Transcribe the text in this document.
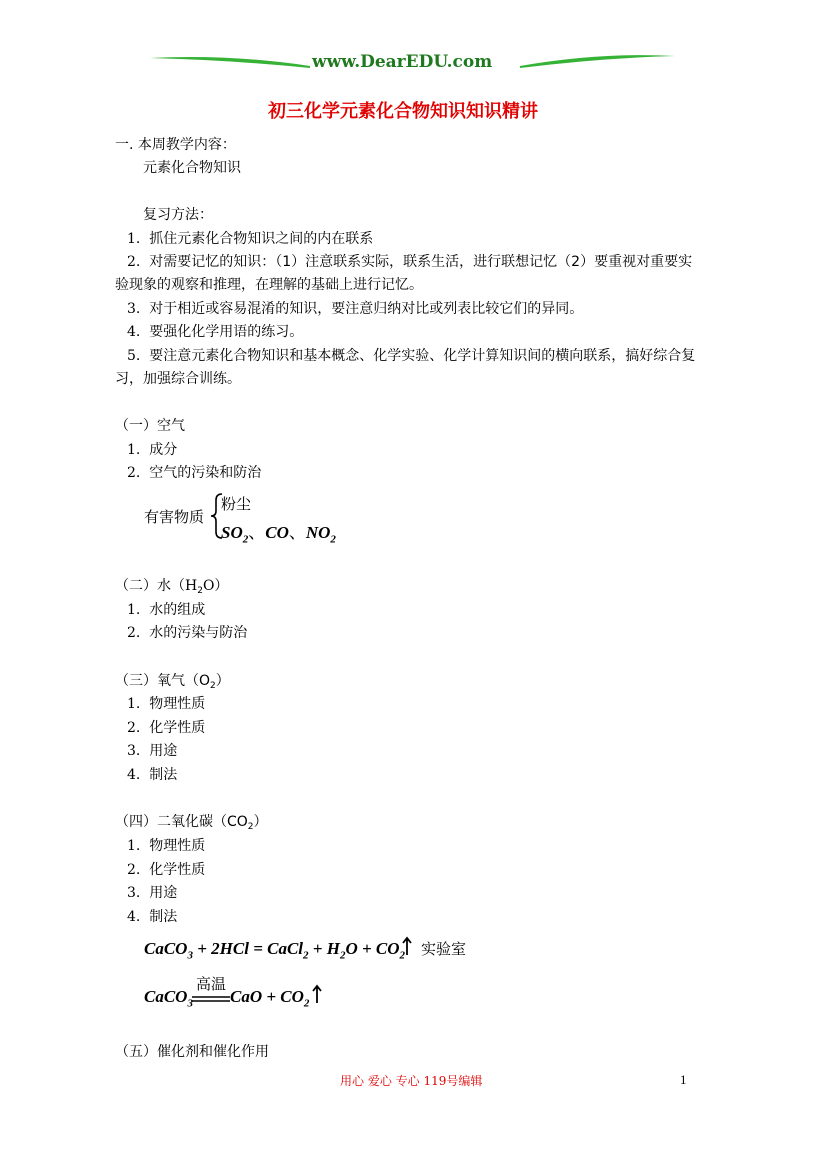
www.DearEDU.com
初三化学元素化合物知识知识精讲
一. 本周教学内容：
元素化合物知识
复习方法：
1. 抓住元素化合物知识之间的内在联系
2. 对需要记忆的知识：（1）注意联系实际，联系生活，进行联想记忆（2）要重视对重要实
验现象的观察和推理，在理解的基础上进行记忆。
3. 对于相近或容易混淆的知识，要注意归纳对比或列表比较它们的异同。
4. 要强化化学用语的练习。
5. 要注意元素化合物知识和基本概念、化学实验、化学计算知识间的横向联系，搞好综合复
习，加强综合训练。
（一）空气
1. 成分
2. 空气的污染和防治
有害物质
粉尘
$SO_2$、CO、$NO_2$
（二）水$(H_2O)$
1. 水的组成
2. 水的污染与防治
（三）氧气$(O_2)$
1. 物理性质
2. 化学性质
3. 用途
4. 制法
（四）二氧化碳$(CO_2)$
1. 物理性质
2. 化学性质
3. 用途
4. 制法
CaCO$_3$ + 2HCl = CaCl$_2$ + $H_2O + CO_2$ 实验室
高温
CaCO$_3$ CaO + $CO_2$
（五）催化剂和催化作用
用心 爱心 专心 119号编辑	1
